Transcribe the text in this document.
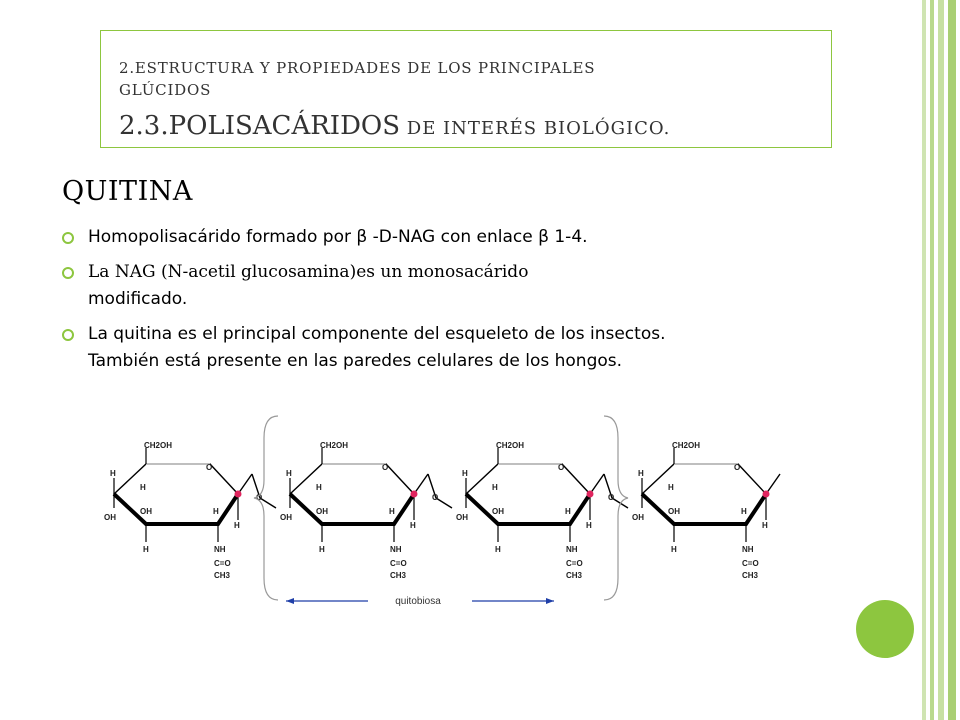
2.ESTRUCTURA Y PROPIEDADES DE LOS PRINCIPALES
GLÚCIDOS
2.3.POLISACÁRIDOS DE INTERÉS BIOLÓGICO.
QUITINA
Homopolisacárido formado por β -D-NAG con enlace β 1-4.
La NAG (N-acetil glucosamina)es un monosacárido
modificado.
La quitina es el principal componente del esqueleto de los insectos.
También está presente en las paredes celulares de los hongos.
CH2OH
O
H
OH
H
H
OH
NH
C=O
CH3
H
H
O
CH2OH
O
H
OH
H
H
OH
NH
C=O
CH3
H
H
O
CH2OH
O
H
OH
H
H
OH
NH
C=O
CH3
H
H
O
CH2OH
O
H
OH
H
H
OH
NH
C=O
CH3
H
H
quitobiosa
